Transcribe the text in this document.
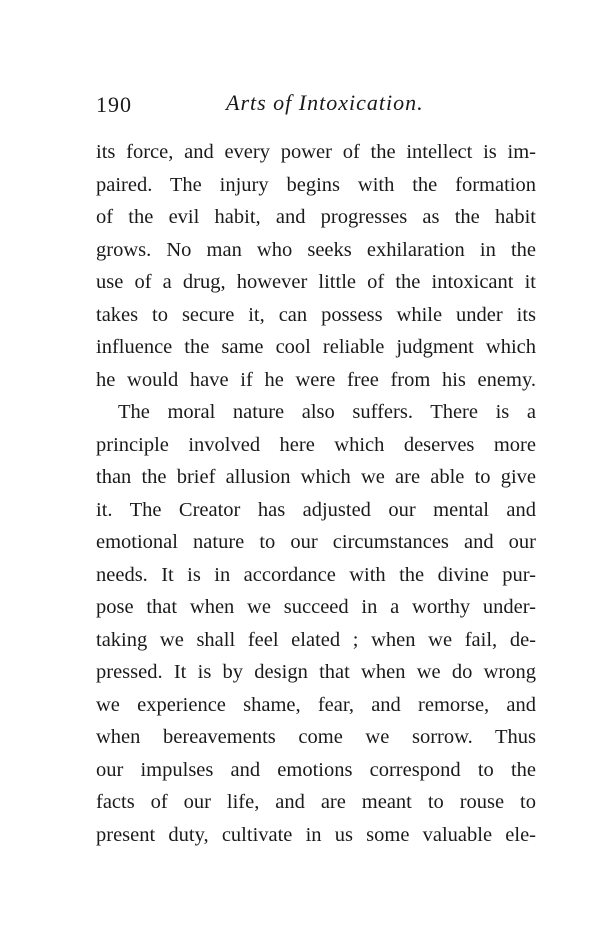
190	Arts of Intoxication.
its force, and every power of the intellect is im-
paired. The injury begins with the formation
of the evil habit, and progresses as the habit
grows. No man who seeks exhilaration in the
use of a drug, however little of the intoxicant it
takes to secure it, can possess while under its
influence the same cool reliable judgment which
he would have if he were free from his enemy.
The moral nature also suffers. There is a
principle involved here which deserves more
than the brief allusion which we are able to give
it. The Creator has adjusted our mental and
emotional nature to our circumstances and our
needs. It is in accordance with the divine pur-
pose that when we succeed in a worthy under-
taking we shall feel elated ; when we fail, de-
pressed. It is by design that when we do wrong
we experience shame, fear, and remorse, and
when bereavements come we sorrow. Thus
our impulses and emotions correspond to the
facts of our life, and are meant to rouse to
present duty, cultivate in us some valuable ele-
